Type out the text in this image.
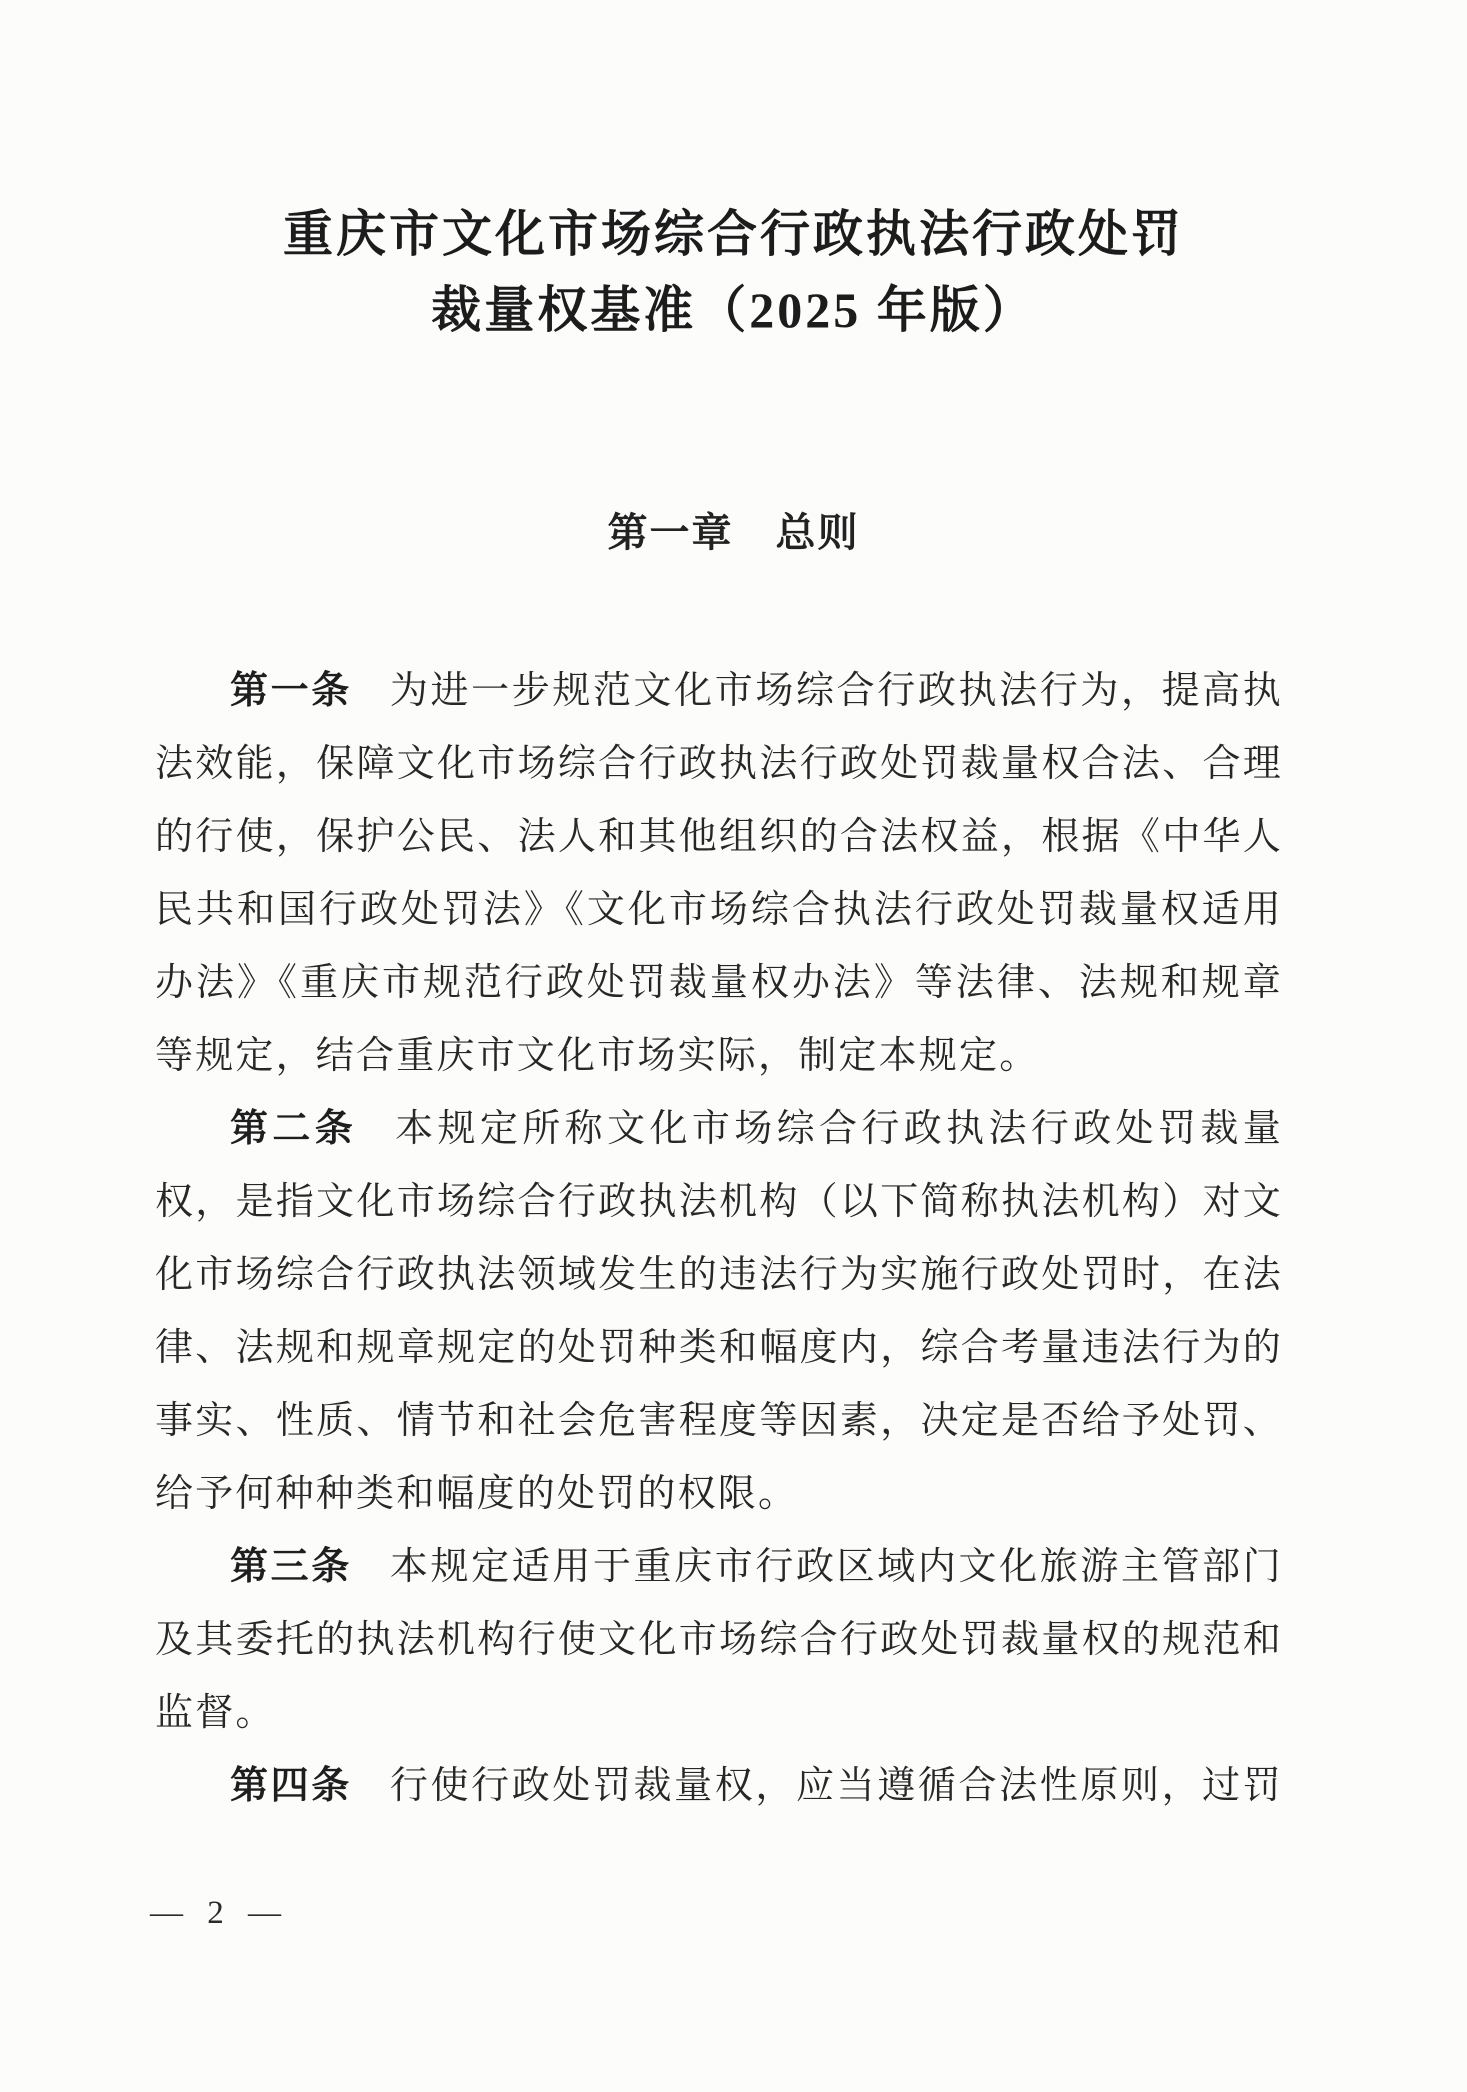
重庆市文化市场综合行政执法行政处罚
裁量权基准（2025 年版）
第一章　总则
第一条 为进一步规范文化市场综合行政执法行为，提高执
法效能，保障文化市场综合行政执法行政处罚裁量权合法、合理
的行使，保护公民、法人和其他组织的合法权益，根据《中华人
民共和国行政处罚法》《文化市场综合执法行政处罚裁量权适用
办法》《重庆市规范行政处罚裁量权办法》等法律、法规和规章
等规定，结合重庆市文化市场实际，制定本规定。
第二条 本规定所称文化市场综合行政执法行政处罚裁量
权，是指文化市场综合行政执法机构（以下简称执法机构）对文
化市场综合行政执法领域发生的违法行为实施行政处罚时，在法
律、法规和规章规定的处罚种类和幅度内，综合考量违法行为的
事实、性质、情节和社会危害程度等因素，决定是否给予处罚、
给予何种种类和幅度的处罚的权限。
第三条 本规定适用于重庆市行政区域内文化旅游主管部门
及其委托的执法机构行使文化市场综合行政处罚裁量权的规范和
监督。
第四条 行使行政处罚裁量权，应当遵循合法性原则，过罚
— 2 —
